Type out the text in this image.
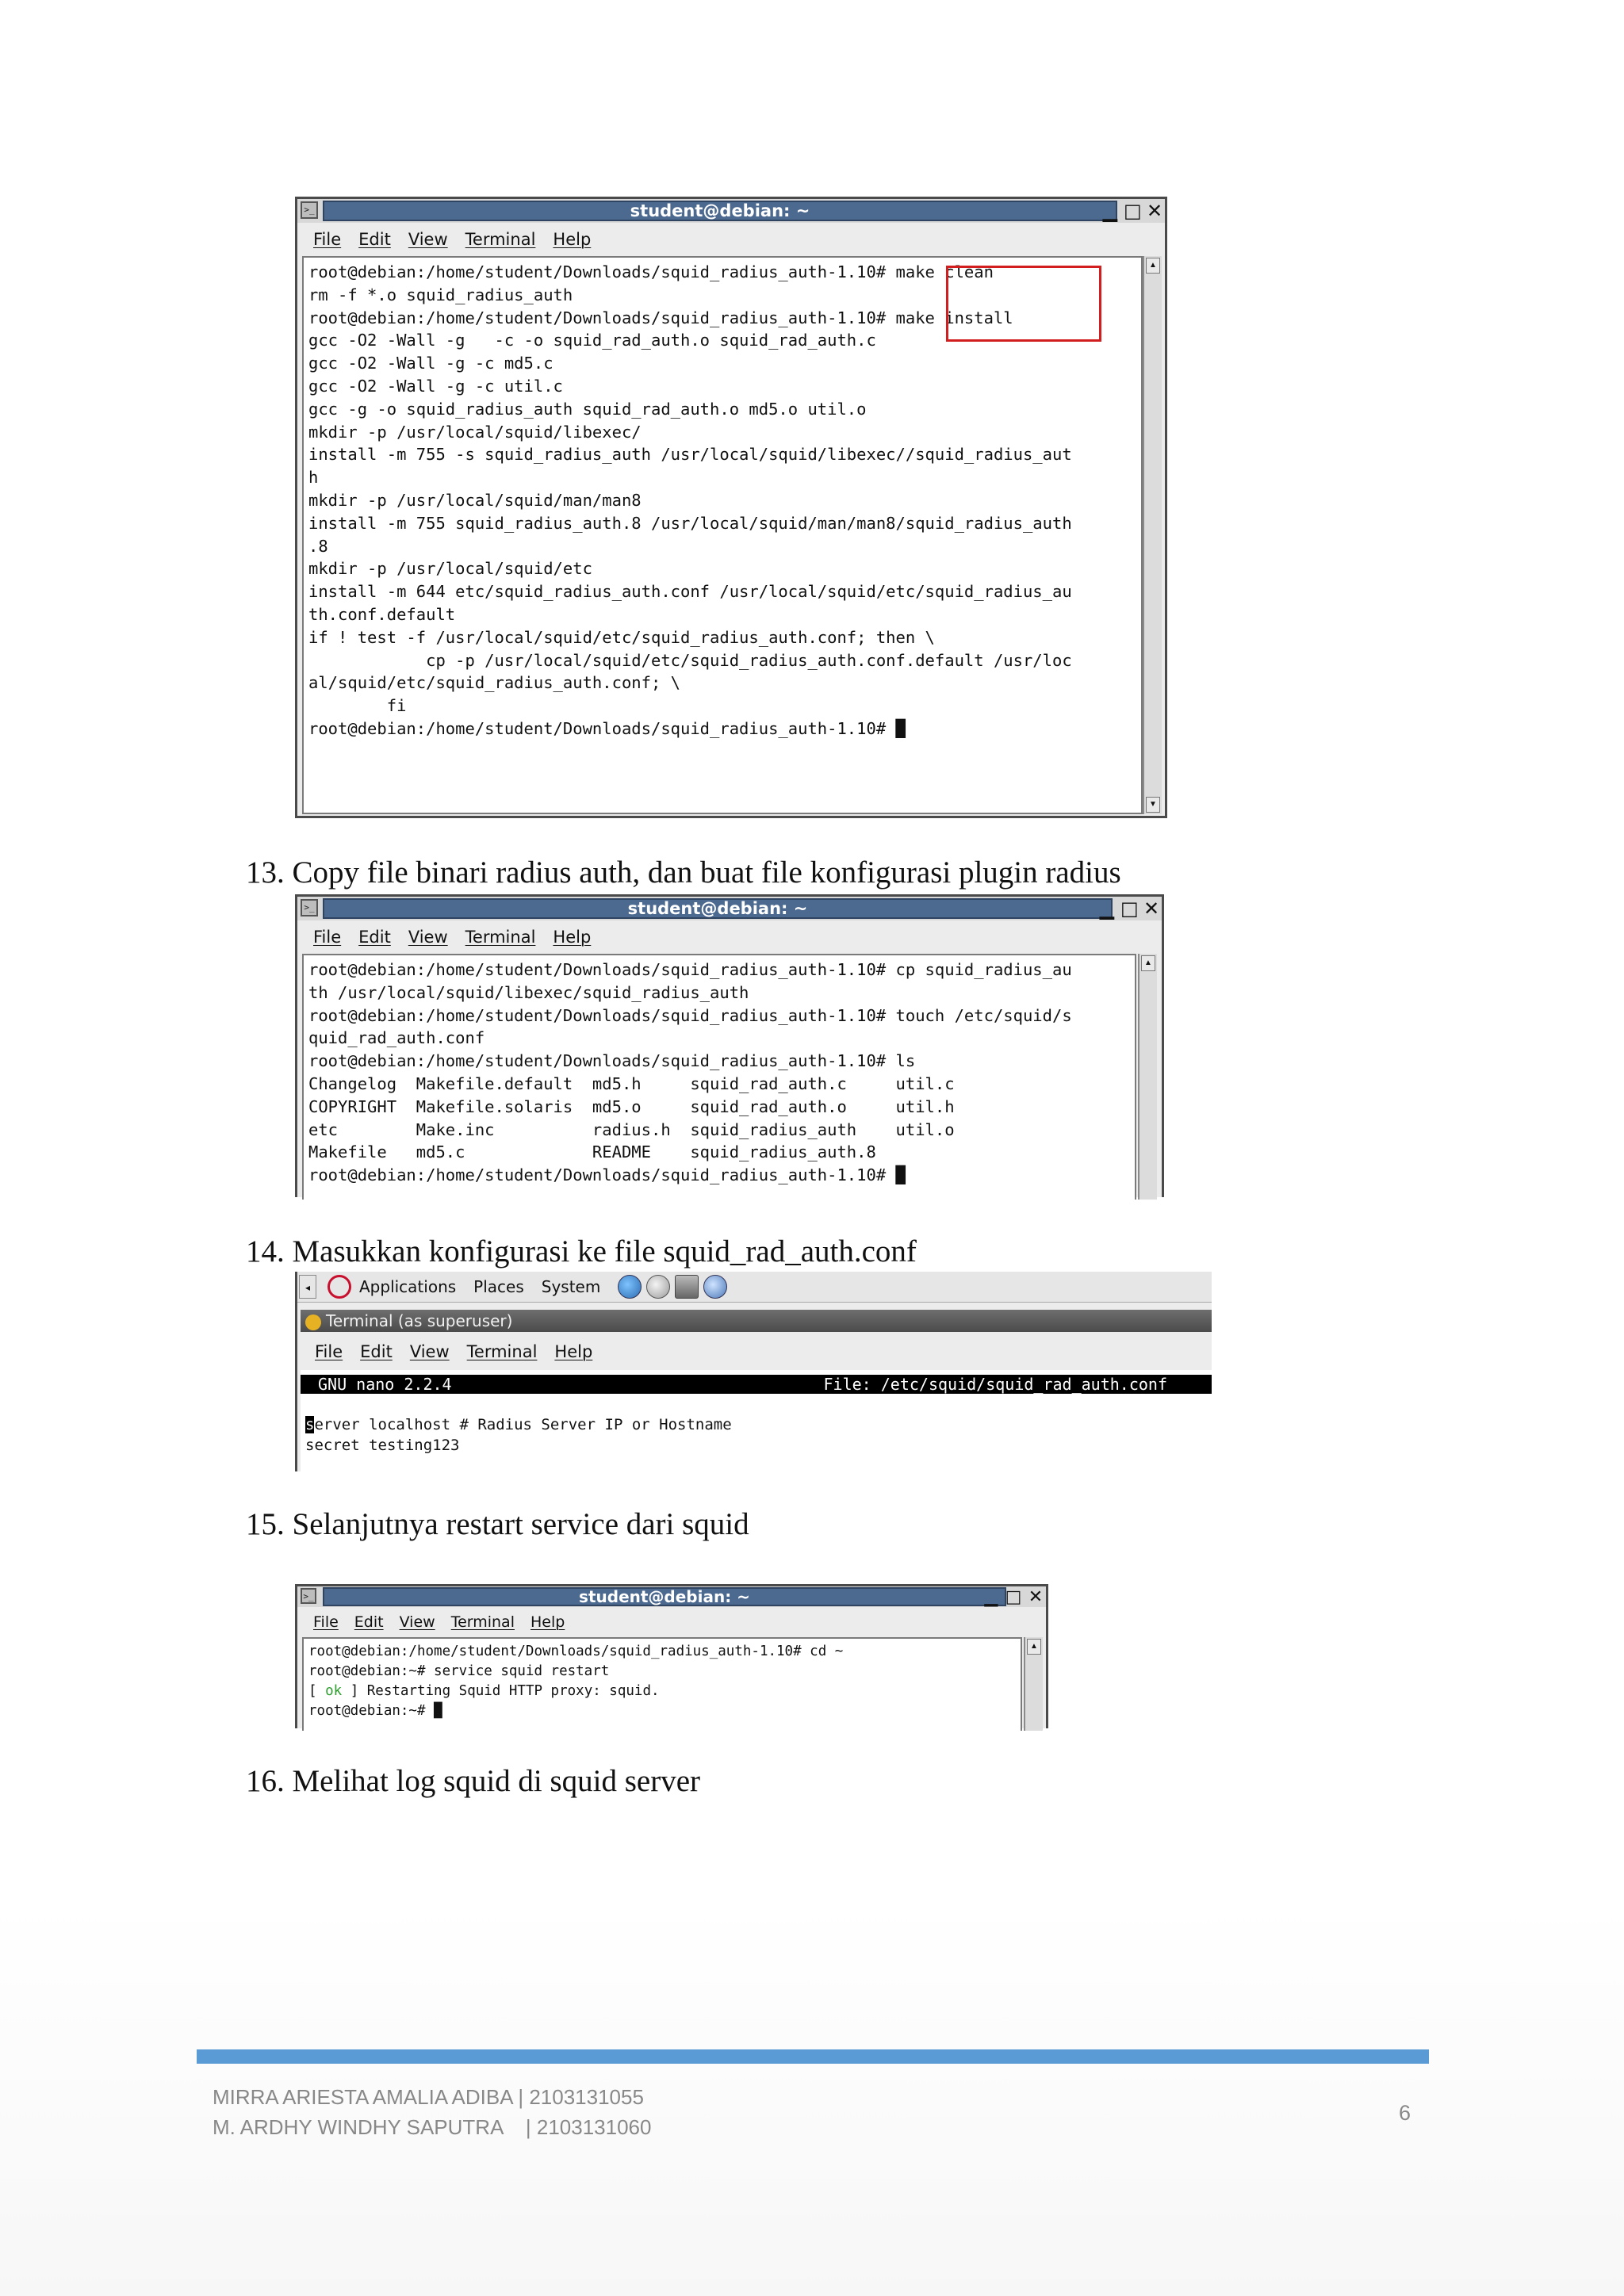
>_	student@debian: ~	▁ □ ✕
File Edit View Terminal Help
root@debian:/home/student/Downloads/squid_radius_auth-1.10# make clean
rm -f *.o squid_radius_auth
root@debian:/home/student/Downloads/squid_radius_auth-1.10# make install
gcc -O2 -Wall -g   -c -o squid_rad_auth.o squid_rad_auth.c
gcc -O2 -Wall -g -c md5.c
gcc -O2 -Wall -g -c util.c
gcc -g -o squid_radius_auth squid_rad_auth.o md5.o util.o
mkdir -p /usr/local/squid/libexec/
install -m 755 -s squid_radius_auth /usr/local/squid/libexec//squid_radius_aut
h
mkdir -p /usr/local/squid/man/man8
install -m 755 squid_radius_auth.8 /usr/local/squid/man/man8/squid_radius_auth
.8
mkdir -p /usr/local/squid/etc
install -m 644 etc/squid_radius_auth.conf /usr/local/squid/etc/squid_radius_au
th.conf.default
if ! test -f /usr/local/squid/etc/squid_radius_auth.conf; then \
cp -p /usr/local/squid/etc/squid_radius_auth.conf.default /usr/loc
al/squid/etc/squid_radius_auth.conf; \
fi
root@debian:/home/student/Downloads/squid_radius_auth-1.10# █
▲
▼
13. Copy file binari radius auth, dan buat file konfigurasi plugin radius
>_	student@debian: ~	▁ □ ✕
File Edit View Terminal Help
root@debian:/home/student/Downloads/squid_radius_auth-1.10# cp squid_radius_au
th /usr/local/squid/libexec/squid_radius_auth
root@debian:/home/student/Downloads/squid_radius_auth-1.10# touch /etc/squid/s
quid_rad_auth.conf
root@debian:/home/student/Downloads/squid_radius_auth-1.10# ls
Changelog  Makefile.default  md5.h     squid_rad_auth.c     util.c
COPYRIGHT  Makefile.solaris  md5.o     squid_rad_auth.o     util.h
etc        Make.inc          radius.h  squid_radius_auth    util.o
Makefile   md5.c             README    squid_radius_auth.8
root@debian:/home/student/Downloads/squid_radius_auth-1.10# █
▲
14. Masukkan konfigurasi ke file squid_rad_auth.conf
◂	Applications Places System
Terminal (as superuser)
File Edit View Terminal Help
GNU nano 2.2.4	File: /etc/squid/squid_rad_auth.conf
server localhost # Radius Server IP or Hostname
secret testing123
15. Selanjutnya restart service dari squid
>_	student@debian: ~	▁ □ ✕
File Edit View Terminal Help
root@debian:/home/student/Downloads/squid_radius_auth-1.10# cd ~
root@debian:~# service squid restart
[ ok ] Restarting Squid HTTP proxy: squid.
root@debian:~# █
▲
16. Melihat log squid di squid server
MIRRA ARIESTA AMALIA ADIBA | 2103131055
M. ARDHY WINDHY SAPUTRA    | 2103131060
6
